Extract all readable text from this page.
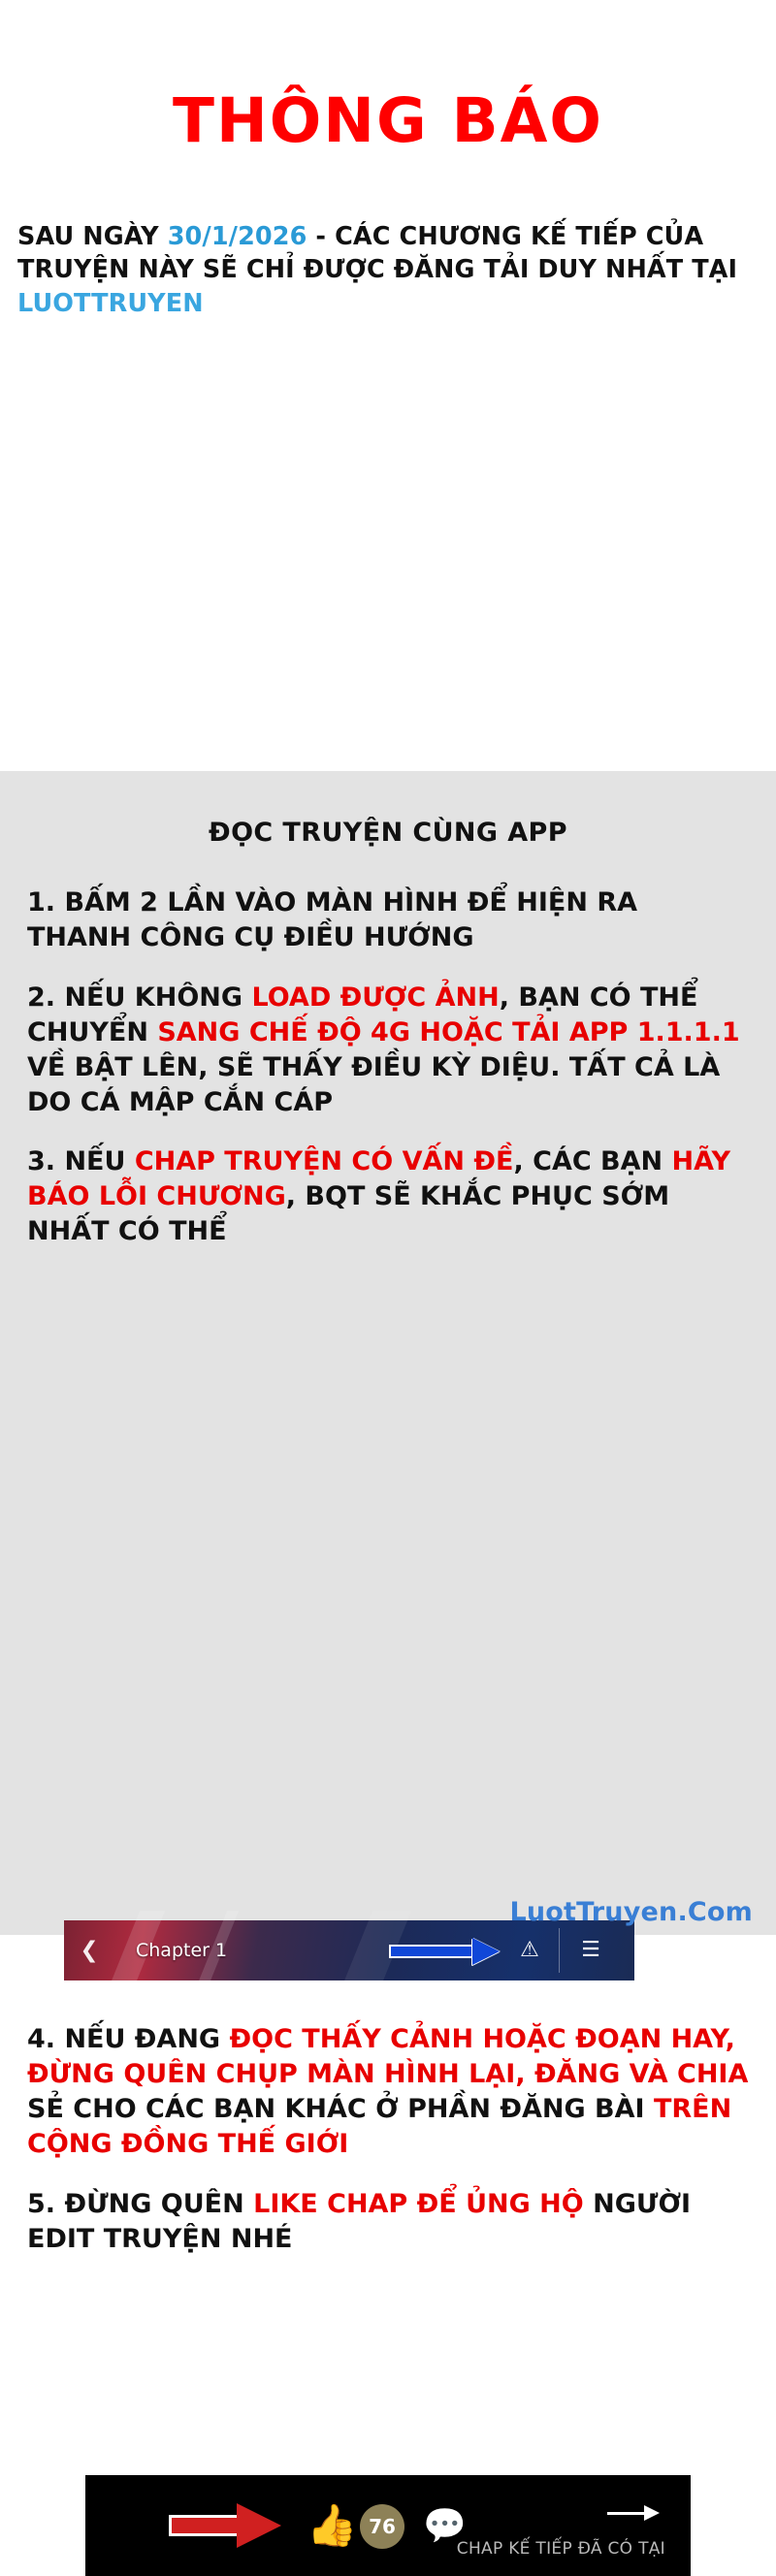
THÔNG BÁO
SAU NGÀY 30/1/2026 - CÁC CHƯƠNG KẾ TIẾP CỦA TRUYỆN NÀY SẼ CHỈ ĐƯỢC ĐĂNG TẢI DUY NHẤT TẠI
LUOTTRUYEN
ĐỌC TRUYỆN CÙNG APP
1. BẤM 2 LẦN VÀO MÀN HÌNH ĐỂ HIỆN RA THANH CÔNG CỤ ĐIỀU HƯỚNG
2. NẾU KHÔNG LOAD ĐƯỢC ẢNH, BẠN CÓ THỂ CHUYỂN SANG CHẾ ĐỘ 4G HOẶC TẢI APP 1.1.1.1 VỀ BẬT LÊN, SẼ THẤY ĐIỀU KỲ DIỆU. TẤT CẢ LÀ DO CÁ MẬP CẮN CÁP
3. NẾU CHAP TRUYỆN CÓ VẤN ĐỀ, CÁC BẠN HÃY BÁO LỖI CHƯƠNG, BQT SẼ KHẮC PHỤC SỚM NHẤT CÓ THỂ
❮ Chapter 1	⚠ ☰
4. NẾU ĐANG ĐỌC THẤY CẢNH HOẶC ĐOẠN HAY, ĐỪNG QUÊN CHỤP MÀN HÌNH LẠI, ĐĂNG VÀ CHIA SẺ CHO CÁC BẠN KHÁC Ở PHẦN ĐĂNG BÀI TRÊN CỘNG ĐỒNG THẾ GIỚI
5. ĐỪNG QUÊN LIKE CHAP ĐỂ ỦNG HỘ NGƯỜI EDIT TRUYỆN NHÉ
👍 76 💬
CHAP KẾ TIẾP ĐÃ CÓ TẠI
LuotTruyen.Com
